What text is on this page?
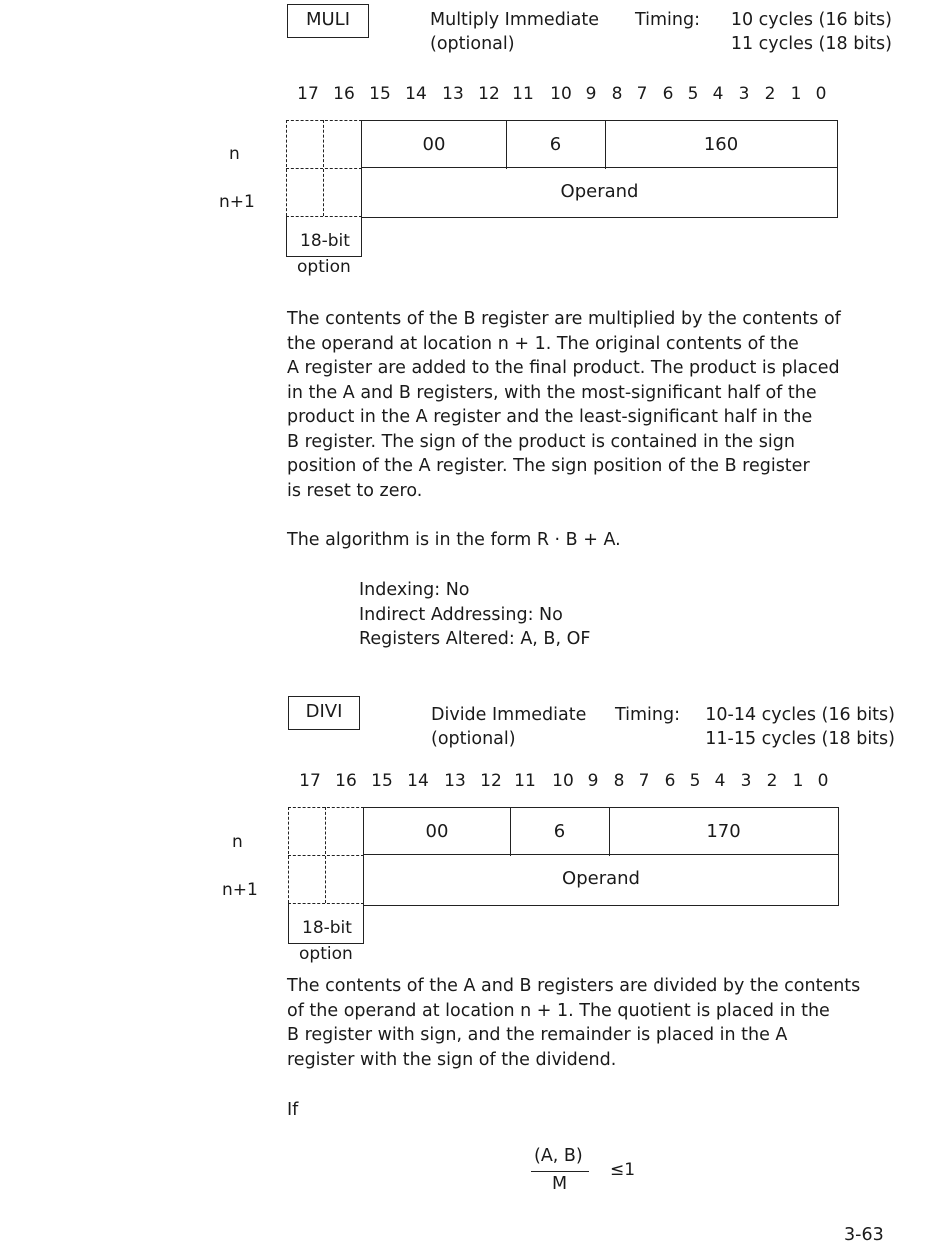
MULI	Multiply Immediate
(optional)
Timing: 10 cycles (16 bits)
11 cycles (18 bits)
17 16 15 14 13 12 11 10 9 8 7 6 5 4 3 2 1 0
n
n+1
00	6	160
Operand
18-bit
option
The contents of the B register are multiplied by the contents of
the operand at location n + 1. The original contents of the
A register are added to the final product. The product is placed
in the A and B registers, with the most-significant half of the
product in the A register and the least-significant half in the
B register. The sign of the product is contained in the sign
position of the A register. The sign position of the B register
is reset to zero.
The algorithm is in the form R · B + A.
Indexing: No
Indirect Addressing: No
Registers Altered: A, B, OF
DIVI	Divide Immediate
(optional)
Timing: 10-14 cycles (16 bits)
11-15 cycles (18 bits)
17 16 15 14 13 12 11 10 9 8 7 6 5 4 3 2 1 0
n
n+1
00	6	170
Operand
18-bit
option
The contents of the A and B registers are divided by the contents
of the operand at location n + 1. The quotient is placed in the
B register with sign, and the remainder is placed in the A
register with the sign of the dividend.
If
(A, B)
M
≤1
3-63
